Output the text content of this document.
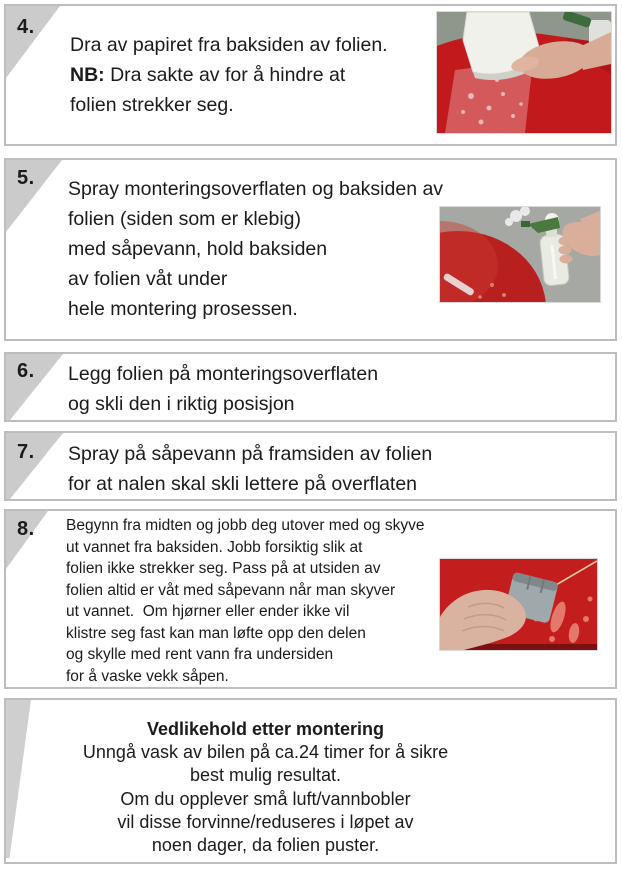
4.

Dra av papiret fra baksiden av folien.

NB: Dra sakte av for å hindre at

folien strekker seg.

5. Spray monteringsoverflaten og baksiden av

folien (siden som er klebig)

med såpevann, hold baksiden

av folien våt under

hele montering prosessen.

6. Legg folien på monteringsoverflaten

og skli den i riktig posisjon

7. Spray på såpevann på framsiden av folien

for at nalen skal skli lettere på overflaten

8. Begynn fra midten og jobb deg utover med og skyve

ut vannet fra baksiden. Jobb forsiktig slik at

folien ikke strekker seg. Pass på at utsiden av

folien altid er våt med såpevann når man skyver

ut vannet.  Om hjørner eller ender ikke vil

klistre seg fast kan man løfte opp den delen

og skylle med rent vann fra undersiden

for å vaske vekk såpen.

Vedlikehold etter montering

Unngå vask av bilen på ca.24 timer for å sikre

best mulig resultat.

Om du opplever små luft/vannbobler

vil disse forvinne/reduseres i løpet av

noen dager, da folien puster.
